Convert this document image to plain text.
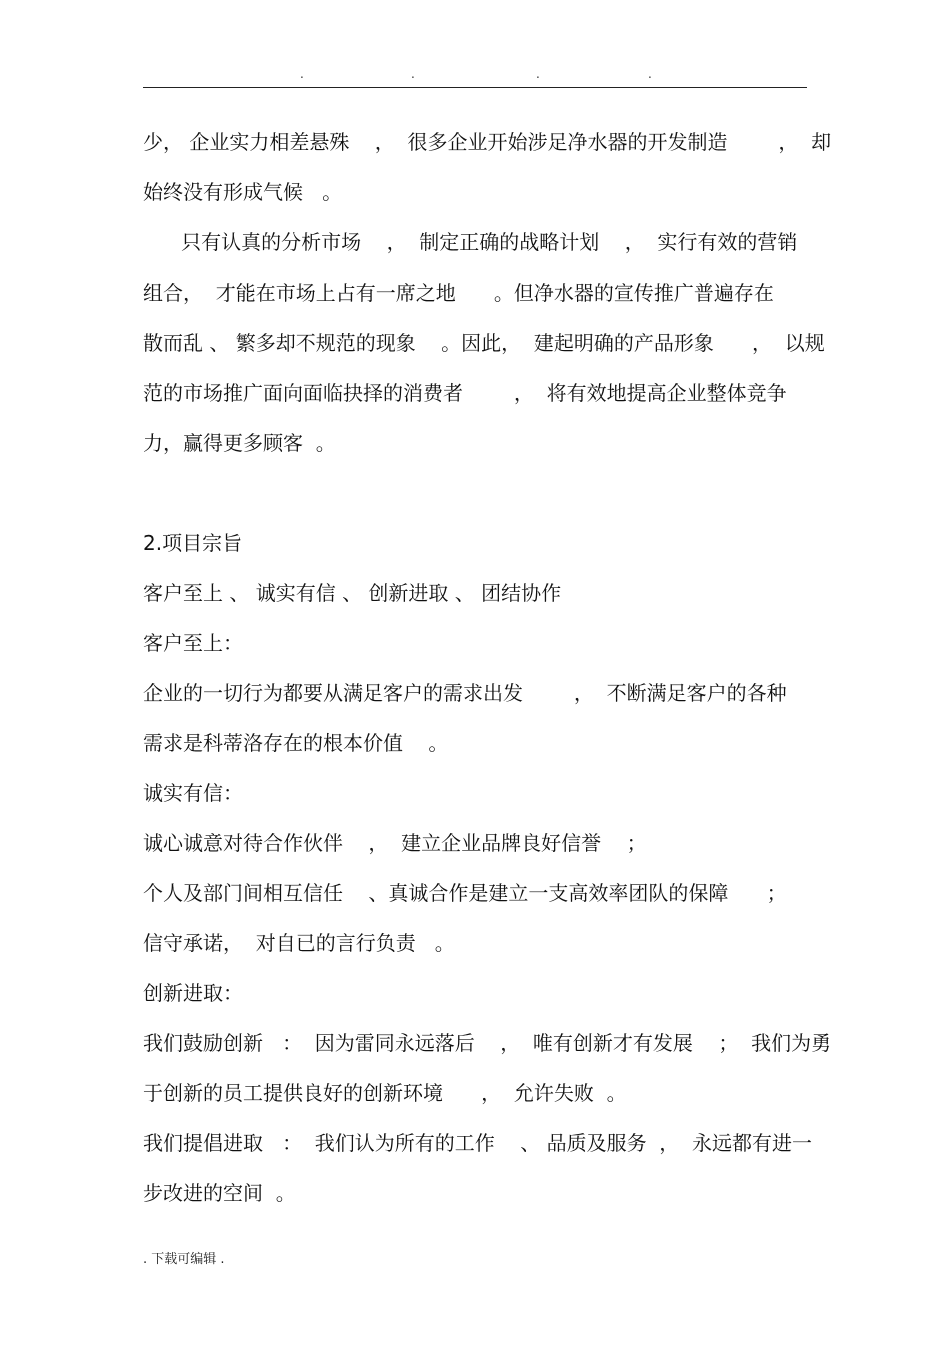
.	.	.	.
少， 企业实力相差悬殊    ，  很多企业开始涉足净水器的开发制造        ，  却
始终没有形成气候   。
只有认真的分析市场    ，  制定正确的战略计划    ，  实行有效的营销
组合，  才能在市场上占有一席之地      。但净水器的宣传推广普遍存在
散而乱 、 繁多却不规范的现象    。因此，  建起明确的产品形象      ，  以规
范的市场推广面向面临抉择的消费者        ，  将有效地提高企业整体竞争
力，赢得更多顾客  。
2.项目宗旨
客户至上 、 诚实有信 、 创新进取 、 团结协作
客户至上：
企业的一切行为都要从满足客户的需求出发        ，  不断满足客户的各种
需求是科蒂洛存在的根本价值    。
诚实有信：
诚心诚意对待合作伙伴    ，  建立企业品牌良好信誉    ；
个人及部门间相互信任    、真诚合作是建立一支高效率团队的保障      ；
信守承诺，  对自已的言行负责   。
创新进取：
我们鼓励创新   ：  因为雷同永远落后    ，  唯有创新才有发展    ；  我们为勇
于创新的员工提供良好的创新环境      ，  允许失败  。
我们提倡进取   ：  我们认为所有的工作    、 品质及服务  ，  永远都有进一
步改进的空间  。
. 下载可编辑 .
